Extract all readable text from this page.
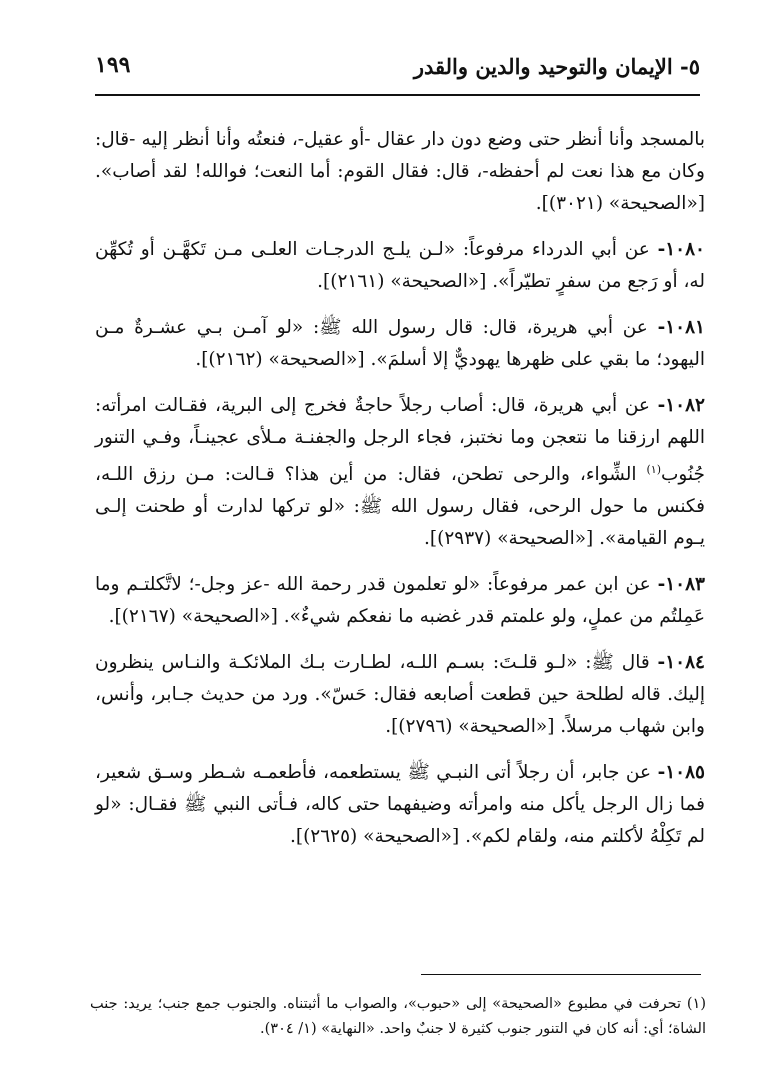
٥- الإيمان والتوحيد والدين والقدر
١٩٩

بالمسجد وأنا أنظر حتى وضع دون دار عقال -أو عقيل-، فنعتُه وأنا أنظر إليه -قال: وكان مع هذا نعت لم أحفظه-، قال: فقال القوم: أما النعت؛ فوالله! لقد أصاب». [«الصحيحة» (٣٠٢١)].

١٠٨٠- عن أبي الدرداء مرفوعاً: «لـن يلـج الدرجـات العلـى مـن تَكهَّـن أو تُكهِّن له، أو رَجع من سفرٍ تطيّراً». [«الصحيحة» (٢١٦١)].

١٠٨١- عن أبي هريرة، قال: قال رسول الله ﷺ: «لو آمـن بـي عشـرةٌ مـن اليهود؛ ما بقي على ظهرها يهوديٌّ إلا أسلمَ». [«الصحيحة» (٢١٦٢)].

١٠٨٢- عن أبي هريرة، قال: أصاب رجلاً حاجةٌ فخرج إلى البرية، فقـالت امرأته: اللهم ارزقنا ما نتعجن وما نختبز، فجاء الرجل والجفنـة مـلأى عجينـاً، وفـي التنور جُنُوب$^{(١)}$ الشِّواء، والرحى تطحن، فقال: من أين هذا؟ قـالت: مـن رزق اللـه، فكنس ما حول الرحى، فقال رسول الله ﷺ: «لو تركها لدارت أو طحنت إلـى يـوم القيامة». [«الصحيحة» (٢٩٣٧)].

١٠٨٣- عن ابن عمر مرفوعاً: «لو تعلمون قدر رحمة الله -عز وجل-؛ لاتَّكلتـم وما عَمِلتُم من عملٍ، ولو علمتم قدر غضبه ما نفعكم شيءٌ». [«الصحيحة» (٢١٦٧)].

١٠٨٤- قال ﷺ: «لـو قلـتَ: بسـم اللـه، لطـارت بـك الملائكـة والنـاس ينظرون إليك. قاله لطلحة حين قطعت أصابعه فقال: حَسّ». ورد من حديث جـابر، وأنس، وابن شهاب مرسلاً. [«الصحيحة» (٢٧٩٦)].

١٠٨٥- عن جابر، أن رجلاً أتى النبـي ﷺ يستطعمه، فأطعمـه شـطر وسـق شعير، فما زال الرجل يأكل منه وامرأته وضيفهما حتى كاله، فـأتى النبي ﷺ فقـال: «لو لم تَكِلْهُ لأكلتم منه، ولقام لكم». [«الصحيحة» (٢٦٢٥)].

(١) تحرفت في مطبوع «الصحيحة» إلى «حبوب»، والصواب ما أثبتناه. والجنوب جمع جنب؛ يريد: جنب الشاة؛ أي: أنه كان في التنور جنوب كثيرة لا جنبٌ واحد. «النهاية» (١/ ٣٠٤).
